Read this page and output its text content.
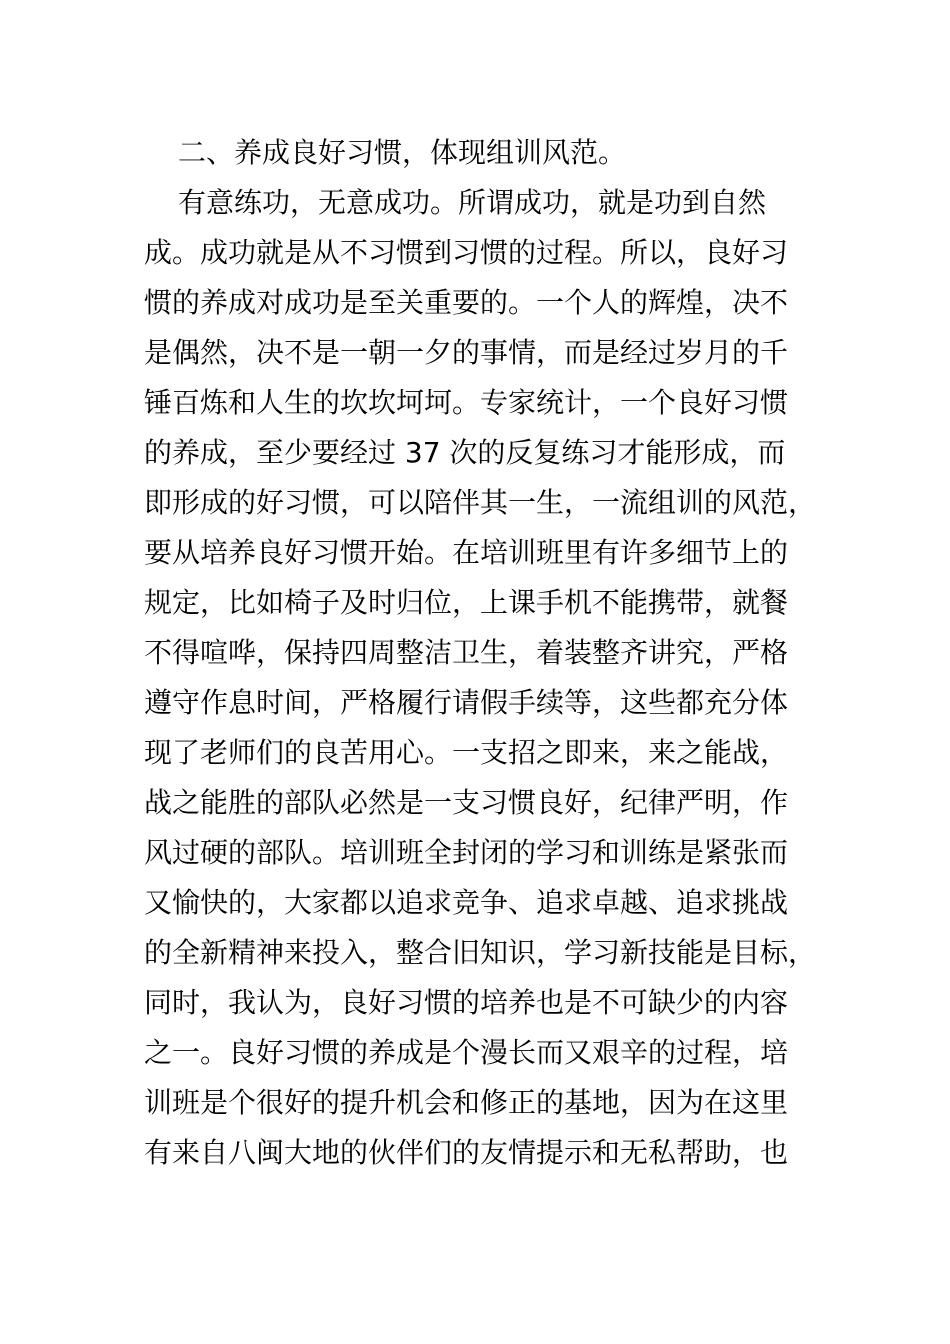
二、养成良好习惯，体现组训风范。
有意练功，无意成功。所谓成功，就是功到自然
成。成功就是从不习惯到习惯的过程。所以，良好习
惯的养成对成功是至关重要的。一个人的辉煌，决不
是偶然，决不是一朝一夕的事情，而是经过岁月的千
锤百炼和人生的坎坎坷坷。专家统计，一个良好习惯
的养成，至少要经过 37 次的反复练习才能形成，而
即形成的好习惯，可以陪伴其一生，一流组训的风范，
要从培养良好习惯开始。在培训班里有许多细节上的
规定，比如椅子及时归位，上课手机不能携带，就餐
不得喧哗，保持四周整洁卫生，着装整齐讲究，严格
遵守作息时间，严格履行请假手续等，这些都充分体
现了老师们的良苦用心。一支招之即来，来之能战，
战之能胜的部队必然是一支习惯良好，纪律严明，作
风过硬的部队。培训班全封闭的学习和训练是紧张而
又愉快的，大家都以追求竞争、追求卓越、追求挑战
的全新精神来投入，整合旧知识，学习新技能是目标，
同时，我认为，良好习惯的培养也是不可缺少的内容
之一。良好习惯的养成是个漫长而又艰辛的过程，培
训班是个很好的提升机会和修正的基地，因为在这里
有来自八闽大地的伙伴们的友情提示和无私帮助，也
